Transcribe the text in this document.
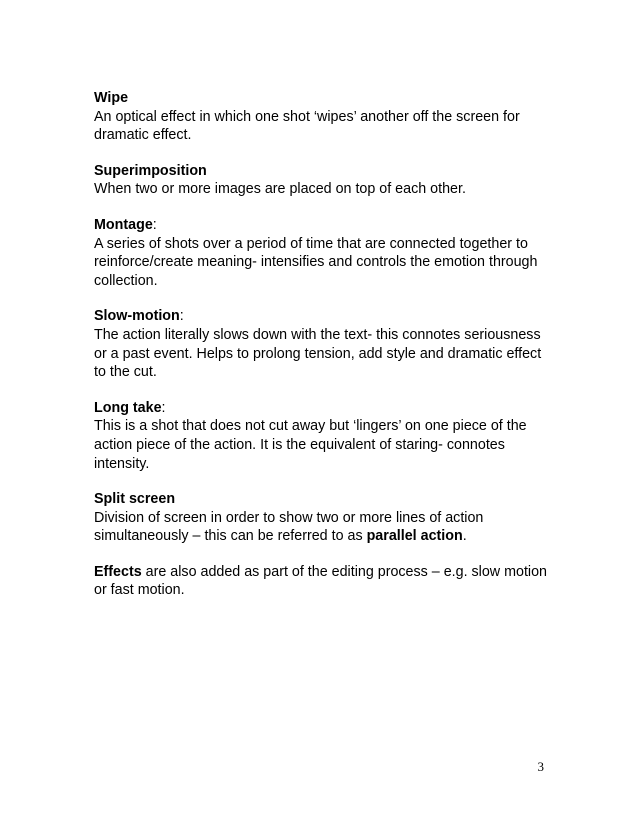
Wipe
An optical effect in which one shot ‘wipes’ another off the screen for dramatic effect.
Superimposition
When two or more images are placed on top of each other.
Montage:
A series of shots over a period of time that are connected together to reinforce/create meaning- intensifies and controls the emotion through collection.
Slow-motion:
The action literally slows down with the text- this connotes seriousness or a past event. Helps to prolong tension, add style and dramatic effect to the cut.
Long take:
This is a shot that does not cut away but ‘lingers’ on one piece of the action piece of the action. It is the equivalent of staring- connotes intensity.
Split screen
Division of screen in order to show two or more lines of action simultaneously – this can be referred to as parallel action.
Effects are also added as part of the editing process – e.g. slow motion or fast motion.
3
